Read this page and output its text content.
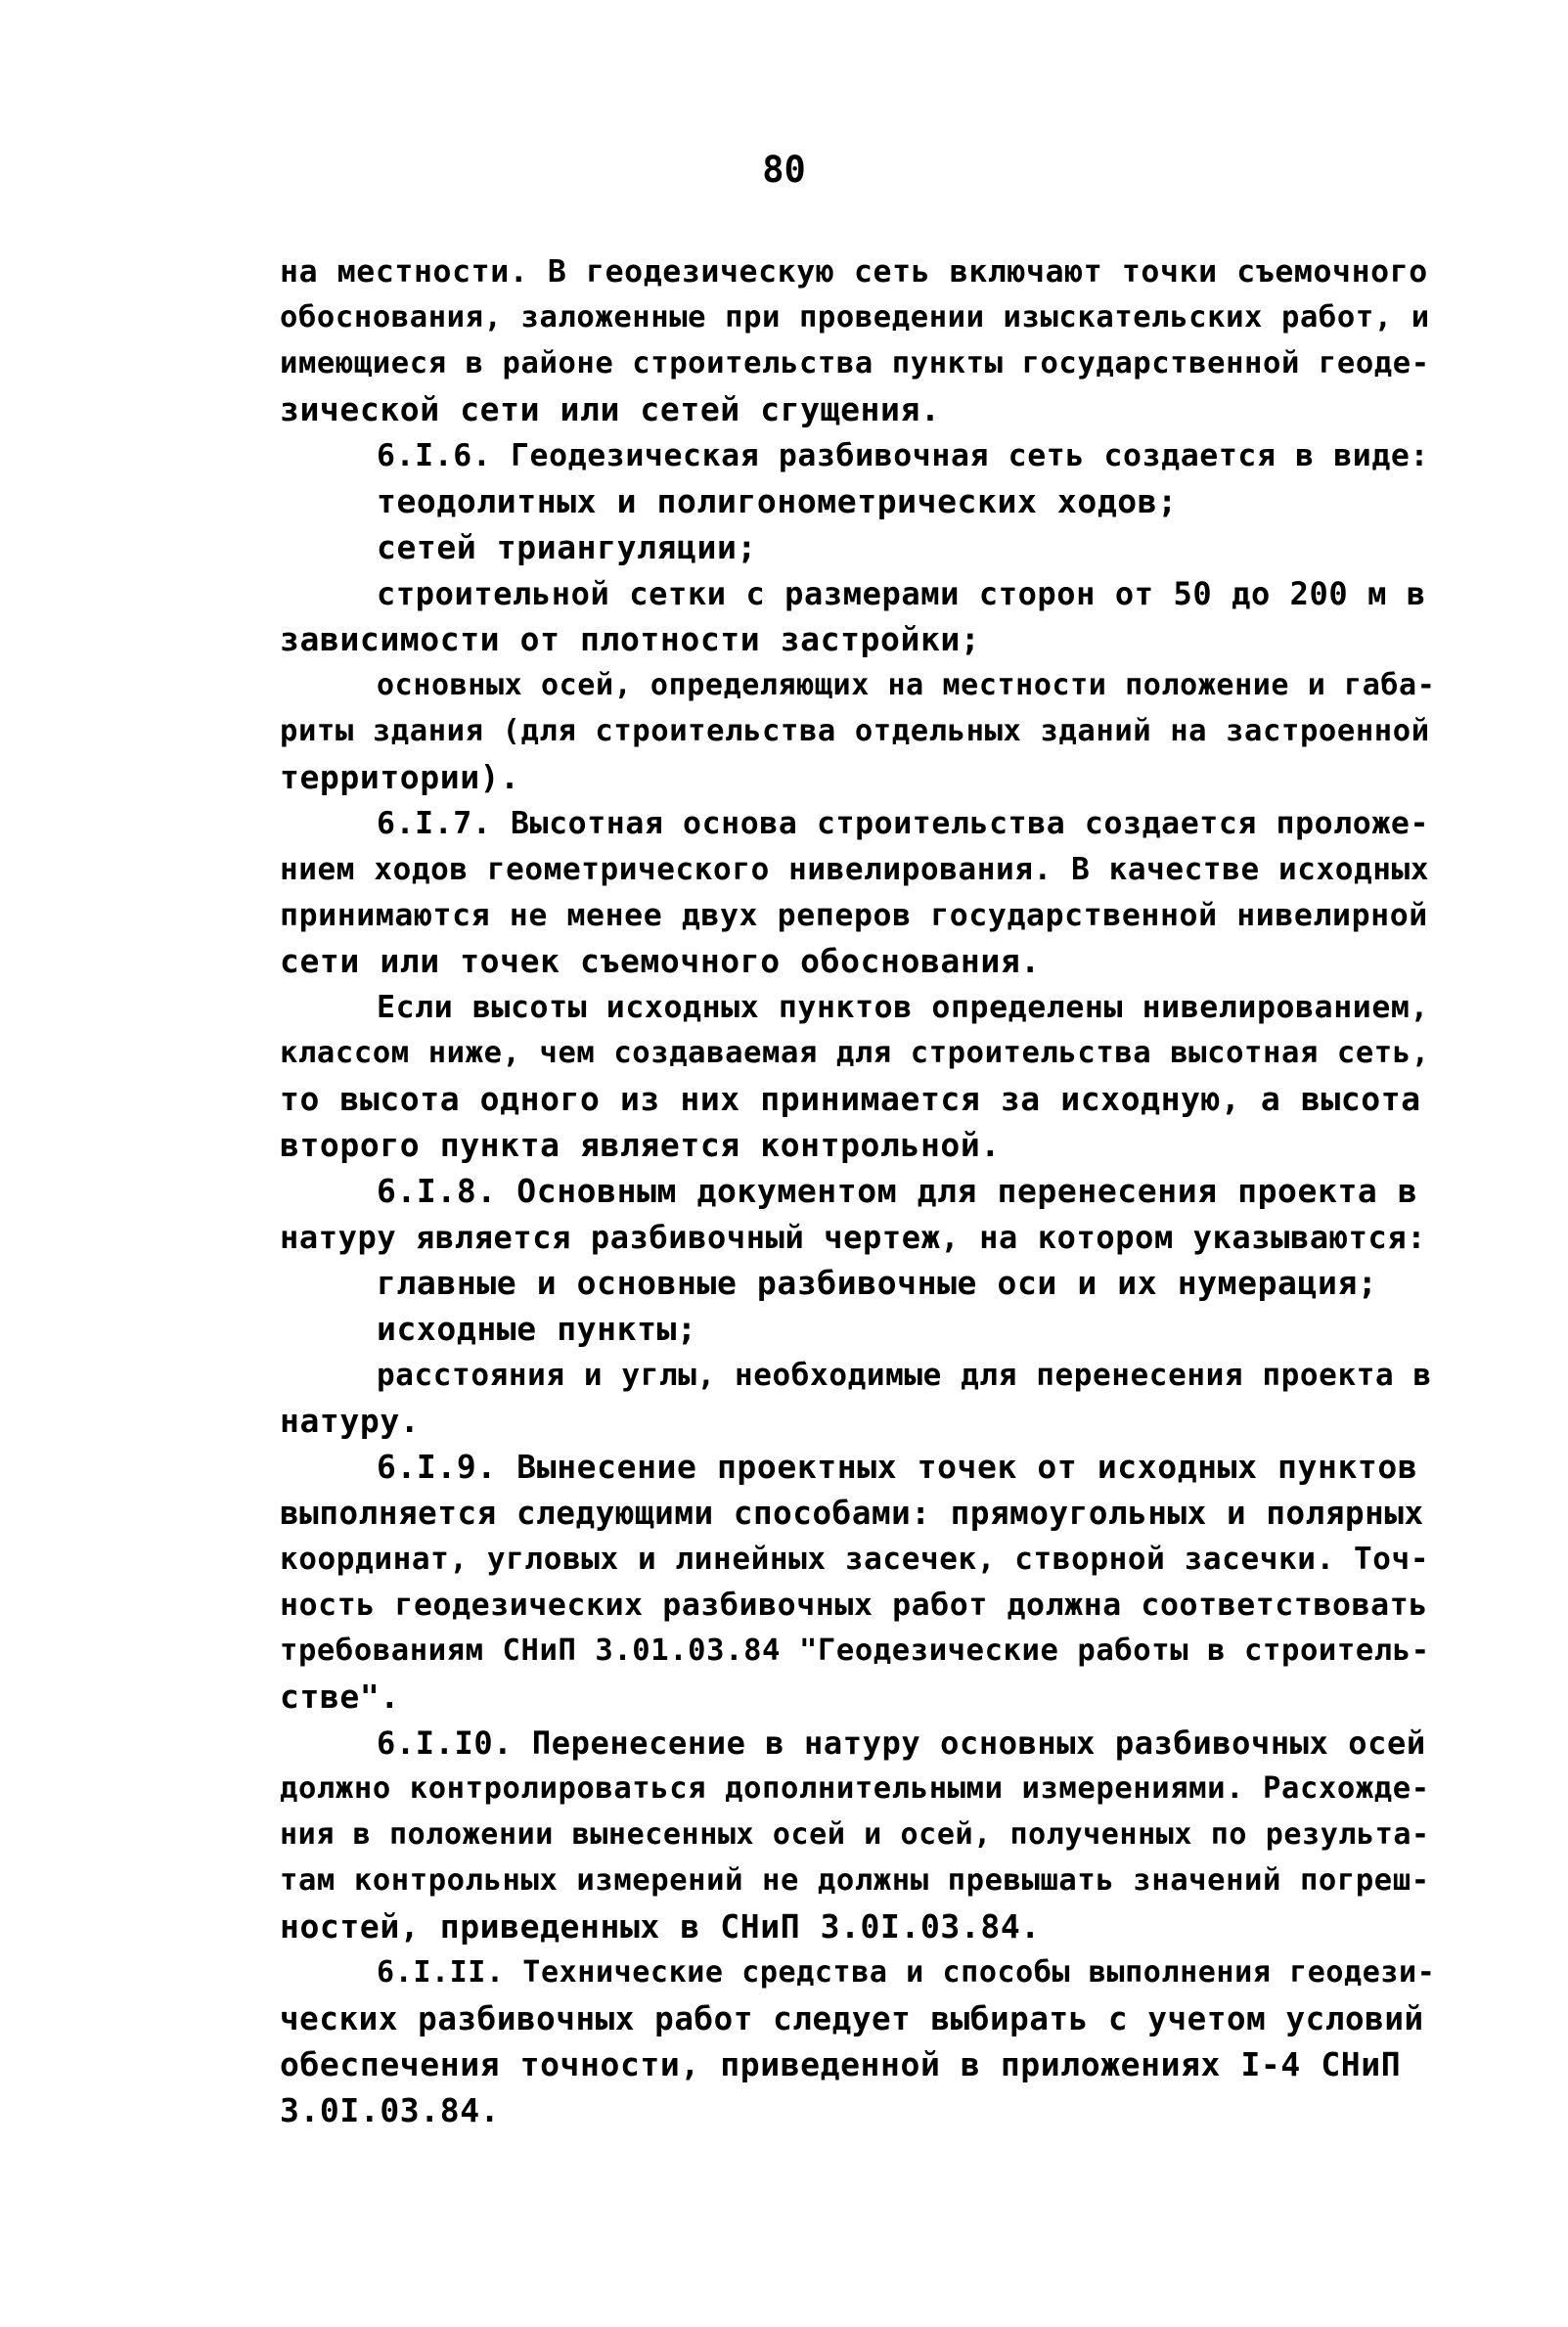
80
на местности. В геодезическую сеть включают точки съемочного
обоснования, заложенные при проведении изыскательских работ, и
имеющиеся в районе строительства пункты государственной геоде-
зической сети или сетей сгущения.
6.I.6. Геодезическая разбивочная сеть создается в виде:
теодолитных и полигонометрических ходов;
сетей триангуляции;
строительной сетки с размерами сторон от 50 до 200 м в
зависимости от плотности застройки;
основных осей, определяющих на местности положение и габа-
риты здания (для строительства отдельных зданий на застроенной
территории).
6.I.7. Высотная основа строительства создается проложе-
нием ходов геометрического нивелирования. В качестве исходных
принимаются не менее двух реперов государственной нивелирной
сети или точек съемочного обоснования.
Если высоты исходных пунктов определены нивелированием,
классом ниже, чем создаваемая для строительства высотная сеть,
то высота одного из них принимается за исходную, а высота
второго пункта является контрольной.
6.I.8. Основным документом для перенесения проекта в
натуру является разбивочный чертеж, на котором указываются:
главные и основные разбивочные оси и их нумерация;
исходные пункты;
расстояния и углы, необходимые для перенесения проекта в
натуру.
6.I.9. Вынесение проектных точек от исходных пунктов
выполняется следующими способами: прямоугольных и полярных
координат, угловых и линейных засечек, створной засечки. Точ-
ность геодезических разбивочных работ должна соответствовать
требованиям СНиП 3.01.03.84 "Геодезические работы в строитель-
стве".
6.I.I0. Перенесение в натуру основных разбивочных осей
должно контролироваться дополнительными измерениями. Расхожде-
ния в положении вынесенных осей и осей, полученных по результа-
там контрольных измерений не должны превышать значений погреш-
ностей, приведенных в СНиП 3.0I.03.84.
6.I.II. Технические средства и способы выполнения геодези-
ческих разбивочных работ следует выбирать с учетом условий
обеспечения точности, приведенной в приложениях I-4 СНиП
3.0I.03.84.
